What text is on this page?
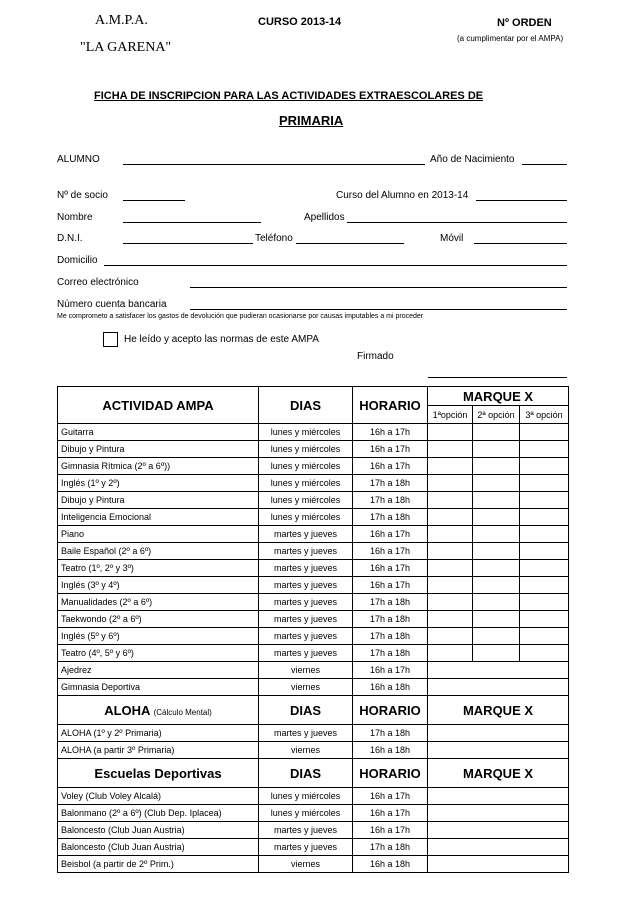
A.M.P.A.
"LA GARENA"
CURSO 2013-14	Nº ORDEN
(a cumplimentar por el AMPA)
FICHA DE INSCRIPCION PARA LAS ACTIVIDADES EXTRAESCOLARES DE
PRIMARIA
ALUMNO	Año de Nacimiento
Nº de socio	Curso del Alumno en 2013-14
Nombre	Apellidos
D.N.I.	Teléfono	Móvil
Domicilio
Correo electrónico
Número cuenta bancaria
Me comprometo a satisfacer los gastos de devolución que pudieran ocasionarse por causas imputables a mi proceder
He leído y acepto las normas de este AMPA
Firmado
ACTIVIDAD AMPA	DIAS	HORARIO	MARQUE X		
			1ªopción	2ª opción	3ª opción
Guitarra	lunes y miércoles	16h a 17h			
Dibujo y Pintura	lunes y miércoles	16h a 17h			
Gimnasia Rítmica (2º a 6º))	lunes y miércoles	16h a 17h			
Inglés (1º y 2º)	lunes y miércoles	17h a 18h			
Dibujo y Pintura	lunes y miércoles	17h a 18h			
Inteligencia Emocional	lunes y miércoles	17h a 18h			
Piano	martes y jueves	16h a 17h			
Baile Español (2º a 6º)	martes y jueves	16h a 17h			
Teatro (1º, 2º y 3º)	martes y jueves	16h a 17h			
Inglés (3º y 4º)	martes y jueves	16h a 17h			
Manualidades (2º a 6º)	martes y jueves	17h a 18h			
Taekwondo (2º a 6º)	martes y jueves	17h a 18h			
Inglés (5º y 6º)	martes y jueves	17h a 18h			
Teatro (4º, 5º y 6º)	martes y jueves	17h a 18h			
Ajedrez	viernes	16h a 17h			
Gimnasia Deportiva	viernes	16h a 18h			
ALOHA (Cálculo Mental)	DIAS	HORARIO	MARQUE X		
ALOHA (1º y 2º Primaria)	martes y jueves	17h a 18h			
ALOHA (a partir 3º Primaria)	viernes	16h a 18h			
Escuelas Deportivas	DIAS	HORARIO	MARQUE X		
Voley (Club Voley Alcalá)	lunes y miércoles	16h a 17h			
Balonmano (2º a 6º) (Club Dep. Iplacea)	lunes y miércoles	16h a 17h			
Baloncesto (Club Juan Austria)	martes y jueves	16h a 17h			
Baloncesto (Club Juan Austria)	martes y jueves	17h a 18h			
Beisbol (a partir de 2º Prim.)	viernes	16h a 18h			
